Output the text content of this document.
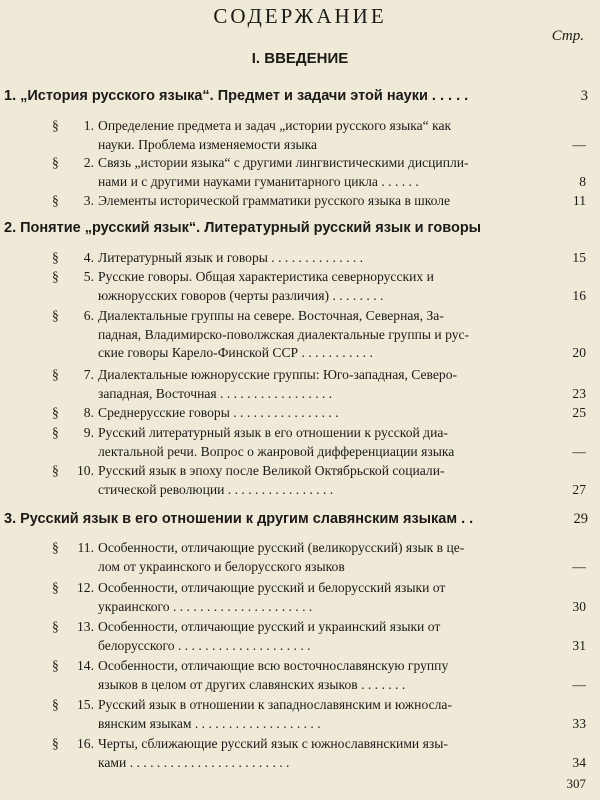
СОДЕРЖАНИЕ
Стр.
I. ВВЕДЕНИЕ
1. „История русского языка“. Предмет и задачи этой науки . . . . .	3
§	1. Определение предмета и задач „истории русского языка“ как
науки. Проблема изменяемости языка	—
§	2. Связь „истории языка“ с другими лингвистическими дисципли-
нами и с другими науками гуманитарного цикла . . . . . .	8
§	3. Элементы исторической грамматики русского языка в школе	11
2. Понятие „русский язык“. Литературный русский язык и говоры
§	4. Литературный язык и говоры . . . . . . . . . . . . . .	15
§	5. Русские говоры. Общая характеристика севернорусских и
южнорусских говоров (черты различия) . . . . . . . .	16
§	6. Диалектальные группы на севере. Восточная, Северная, За-
падная, Владимирско-поволжская диалектальные группы и рус-
ские говоры Карело-Финской ССР . . . . . . . . . . .	20
§	7. Диалектальные южнорусские группы: Юго-западная, Северо-
западная, Восточная . . . . . . . . . . . . . . . . .	23
§	8. Среднерусские говоры . . . . . . . . . . . . . . . .	25
§	9. Русский литературный язык в его отношении к русской диа-
лектальной речи. Вопрос о жанровой дифференциации языка	—
§	10. Русский язык в эпоху после Великой Октябрьской социали-
стической революции . . . . . . . . . . . . . . . .	27
3. Русский язык в его отношении к другим славянским языкам . .	29
§	11. Особенности, отличающие русский (великорусский) язык в це-
лом от украинского и белорусского языков	—
§	12. Особенности, отличающие русский и белорусский языки от
украинского . . . . . . . . . . . . . . . . . . . . .	30
§	13. Особенности, отличающие русский и украинский языки от
белорусского . . . . . . . . . . . . . . . . . . . .	31
§	14. Особенности, отличающие всю восточнославянскую группу
языков в целом от других славянских языков . . . . . . .	—
§	15. Русский язык в отношении к западнославянским и южносла-
вянским языкам . . . . . . . . . . . . . . . . . . .	33
§	16. Черты, сближающие русский язык с южнославянскими язы-
ками . . . . . . . . . . . . . . . . . . . . . . . .	34
307
